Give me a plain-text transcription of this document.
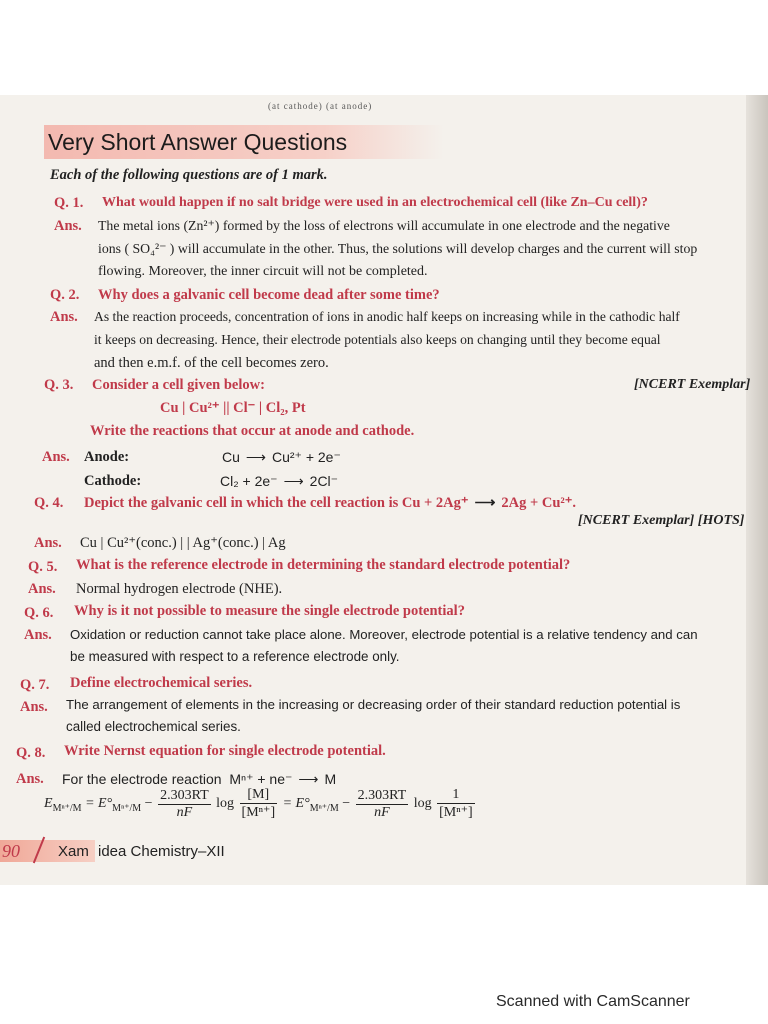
(at cathode) (at anode)
Very Short Answer Questions
Each of the following questions are of 1 mark.
Q. 1. What would happen if no salt bridge were used in an electrochemical cell (like Zn–Cu cell)?
Ans. The metal ions (Zn²⁺) formed by the loss of electrons will accumulate in one electrode and the negative
ions ( SO₄²⁻ ) will accumulate in the other. Thus, the solutions will develop charges and the current will stop
flowing. Moreover, the inner circuit will not be completed.
Q. 2. Why does a galvanic cell become dead after some time?
Ans. As the reaction proceeds, concentration of ions in anodic half keeps on increasing while in the cathodic half
it keeps on decreasing. Hence, their electrode potentials also keeps on changing until they become equal
and then e.m.f. of the cell becomes zero.
Q. 3. Consider a cell given below:	[NCERT Exemplar]
Cu | Cu²⁺ || Cl⁻ | Cl₂, Pt
Write the reactions that occur at anode and cathode.
Ans. Anode:	Cu ⟶ Cu²⁺ + 2e⁻
Cathode:	Cl₂ + 2e⁻ ⟶ 2Cl⁻
Q. 4. Depict the galvanic cell in which the cell reaction is Cu + 2Ag⁺ ⟶ 2Ag + Cu²⁺.
[NCERT Exemplar] [HOTS]
Ans. Cu | Cu²⁺(conc.) | | Ag⁺(conc.) | Ag
Q. 5. What is the reference electrode in determining the standard electrode potential?
Ans. Normal hydrogen electrode (NHE).
Q. 6. Why is it not possible to measure the single electrode potential?
Ans. Oxidation or reduction cannot take place alone. Moreover, electrode potential is a relative tendency and can
be measured with respect to a reference electrode only.
Q. 7. Define electrochemical series.
Ans. The arrangement of elements in the increasing or decreasing order of their standard reduction potential is
called electrochemical series.
Q. 8. Write Nernst equation for single electrode potential.
Ans. For the electrode reaction Mⁿ⁺ + ne⁻ ⟶ M
$E_{M^{n+}/M} = E^\circ_{M^{n+}/M} - \frac{2.303RT}{nF}$ $\log \frac{[M]}{\text{[Mⁿ⁺]}} = E^\circ_{M^{n+}/M} - \frac{2.303RT}{nF}$ $\log \frac{1}{\text{[Mⁿ⁺]}}$
90	Xam idea Chemistry–XII
Scanned with CamScanner
